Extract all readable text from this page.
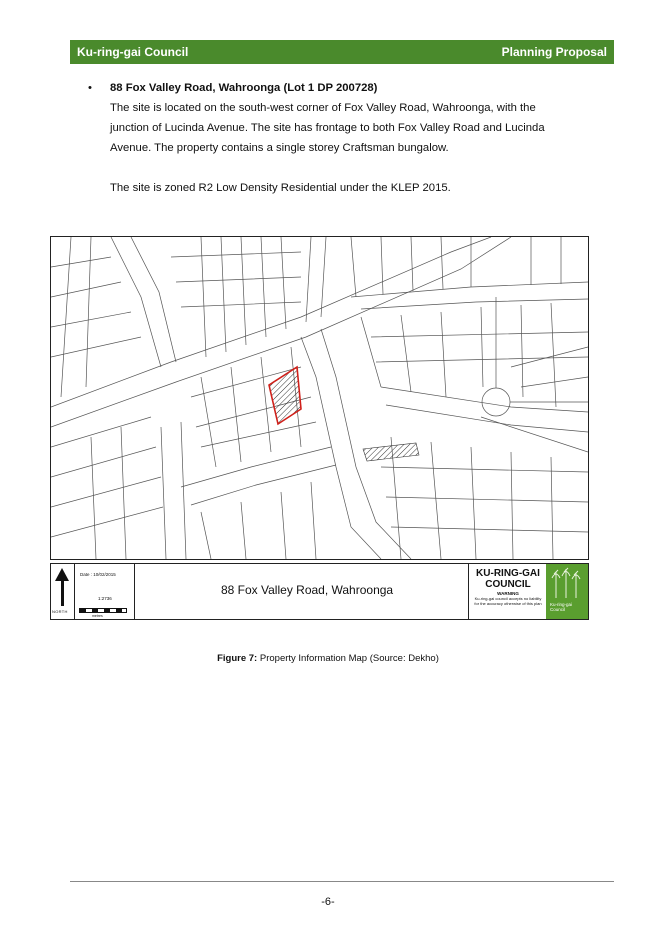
Ku-ring-gai Council	Planning Proposal
• 88 Fox Valley Road, Wahroonga (Lot 1 DP 200728)
The site is located on the south-west corner of Fox Valley Road, Wahroonga, with the
junction of Lucinda Avenue. The site has frontage to both Fox Valley Road and Lucinda
Avenue. The property contains a single storey Craftsman bungalow.
The site is zoned R2 Low Density Residential under the KLEP 2015.
NORTH
Date : 10/02/2015
1:2736
metres
88 Fox Valley Road, Wahroonga
KU-RING-GAI
COUNCIL
WARNING
Ku-ring-gai council accepts no liability for the accuracy otherwise of this plan	Ku-ring-gai
Council
Figure 7: Property Information Map (Source: Dekho)
-6-
